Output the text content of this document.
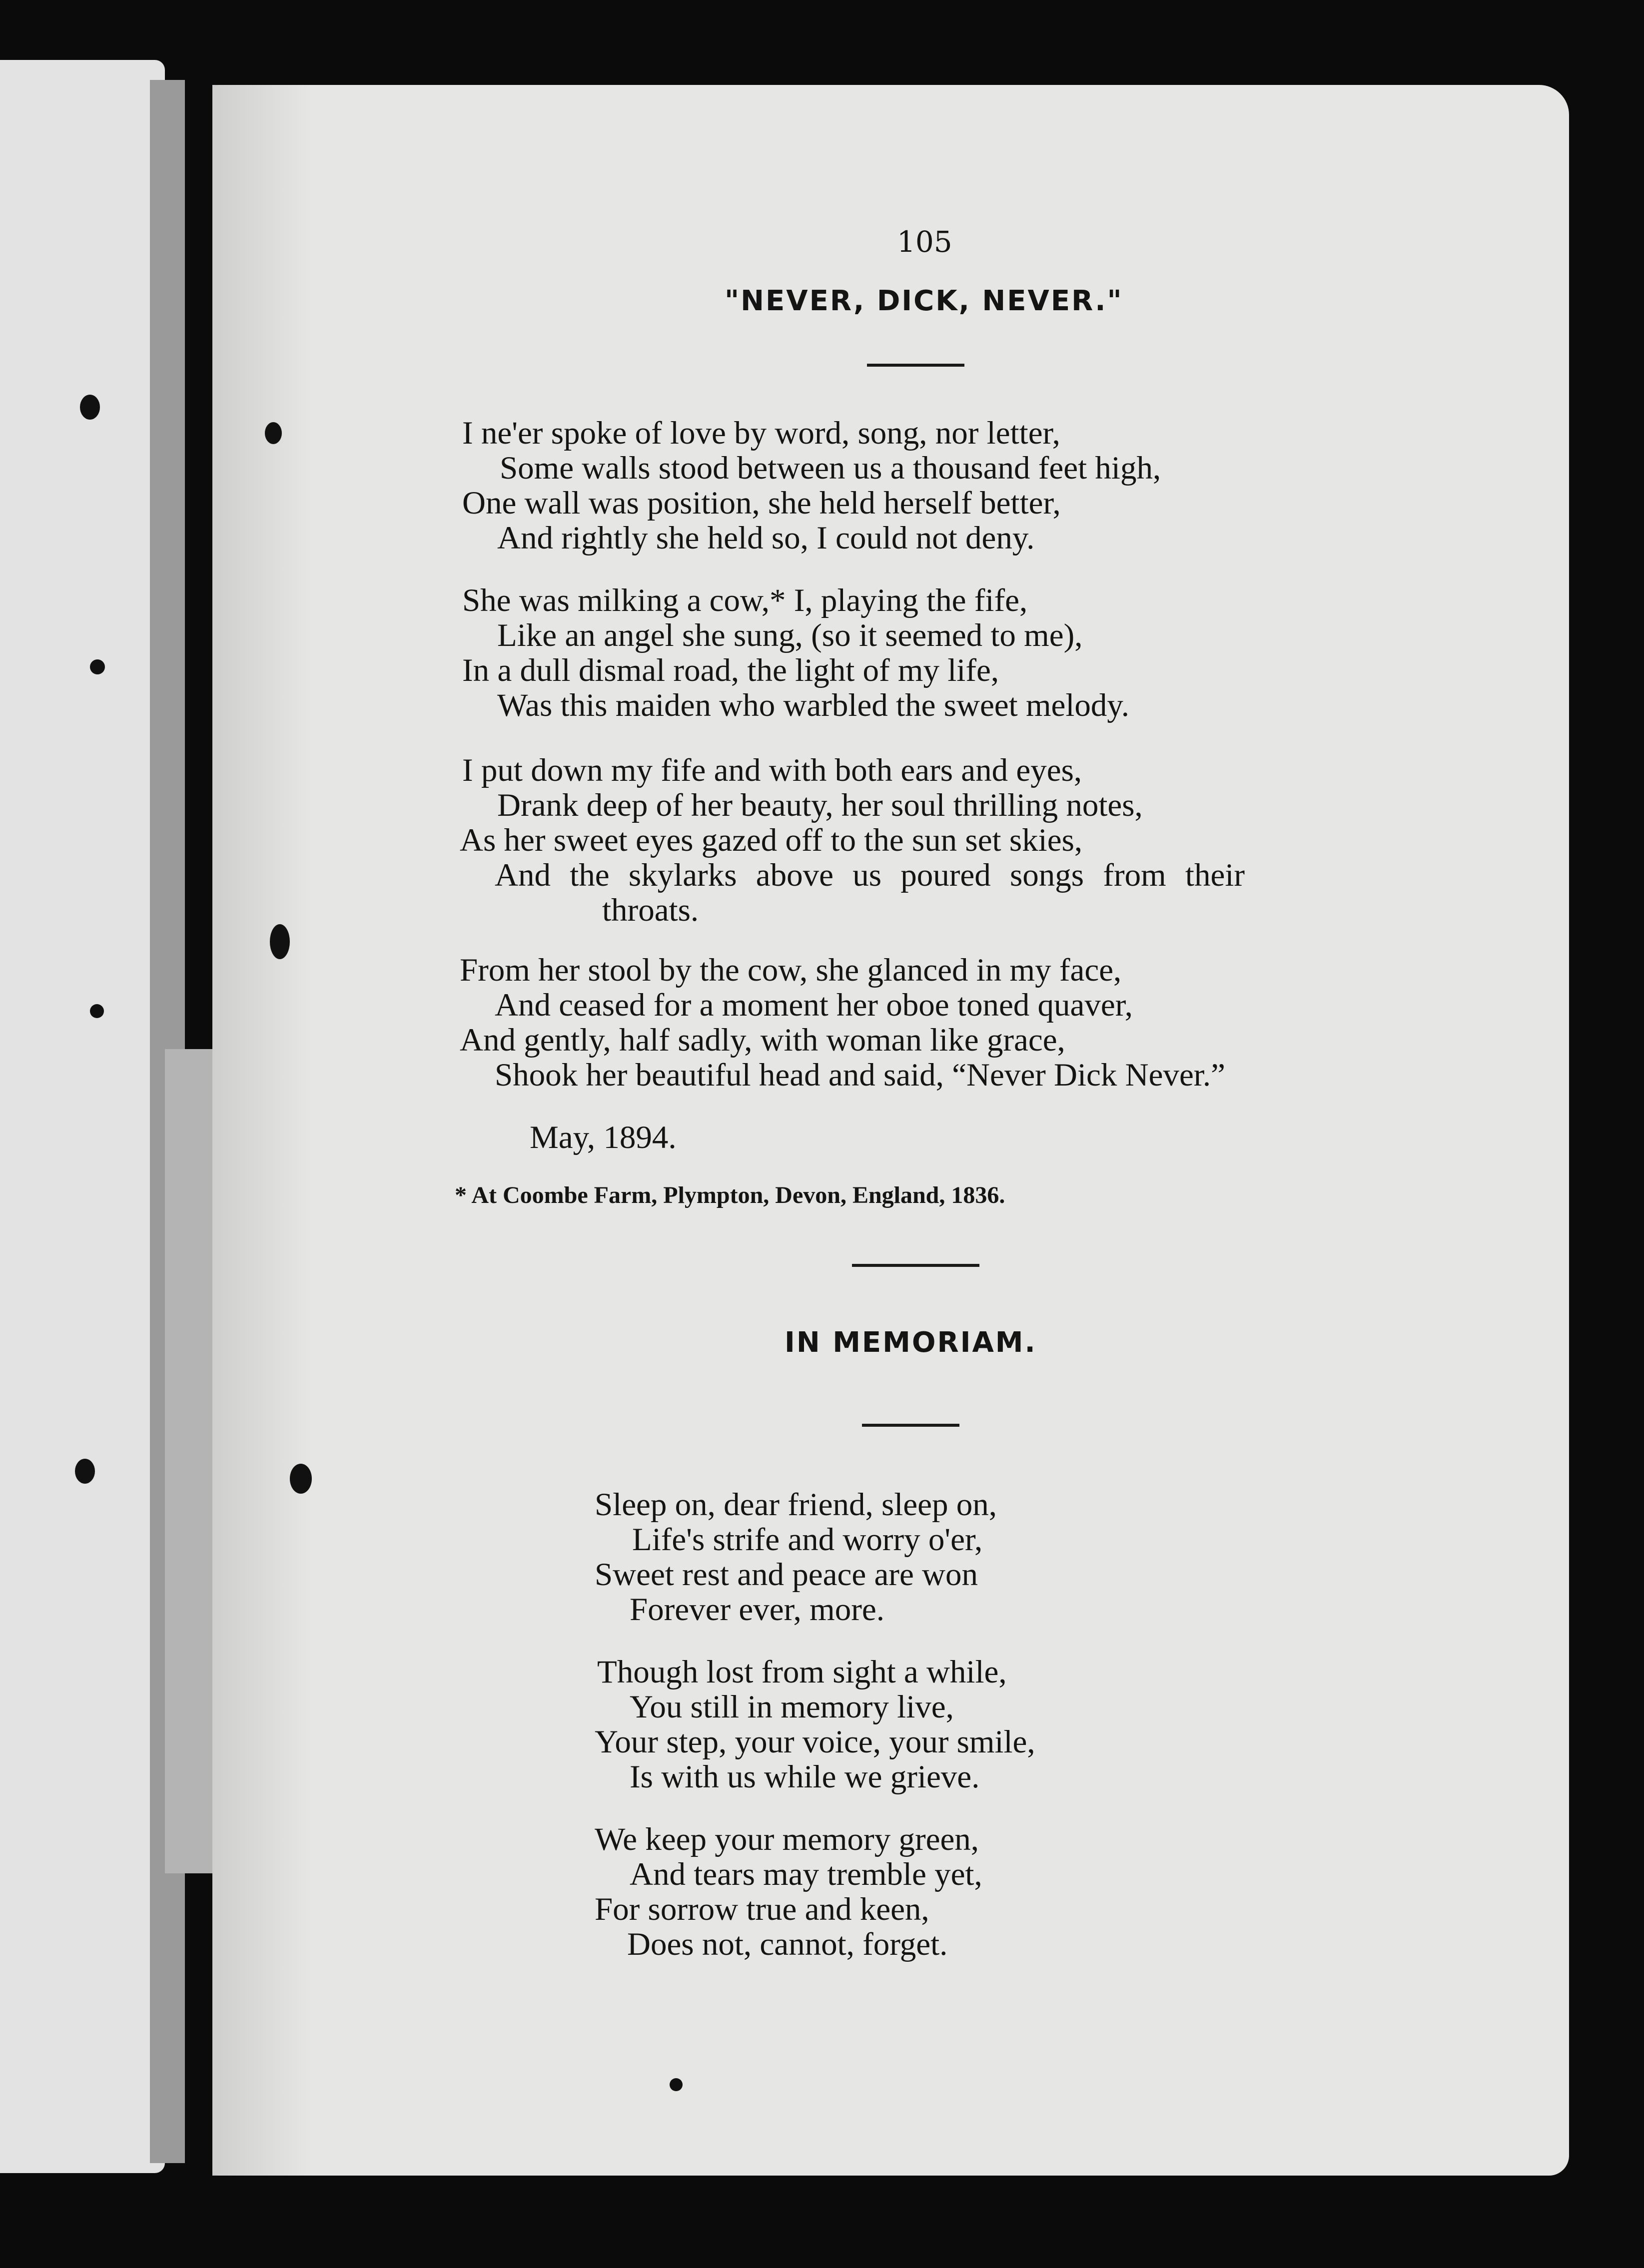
105
"NEVER, DICK, NEVER."
I ne'er spoke of love by word, song, nor letter,
Some walls stood between us a thousand feet high,
One wall was position, she held herself better,
And rightly she held so, I could not deny.
She was milking a cow,* I, playing the fife,
Like an angel she sung, (so it seemed to me),
In a dull dismal road, the light of my life,
Was this maiden who warbled the sweet melody.
I put down my fife and with both ears and eyes,
Drank deep of her beauty, her soul thrilling notes,
As her sweet eyes gazed off to the sun set skies,
And the skylarks above us poured songs from their
throats.
From her stool by the cow, she glanced in my face,
And ceased for a moment her oboe toned quaver,
And gently, half sadly, with woman like grace,
Shook her beautiful head and said, “Never Dick Never.”
May, 1894.
* At Coombe Farm, Plympton, Devon, England, 1836.
IN MEMORIAM.
Sleep on, dear friend, sleep on,
Life's strife and worry o'er,
Sweet rest and peace are won
Forever ever, more.
Though lost from sight a while,
You still in memory live,
Your step, your voice, your smile,
Is with us while we grieve.
We keep your memory green,
And tears may tremble yet,
For sorrow true and keen,
Does not, cannot, forget.
